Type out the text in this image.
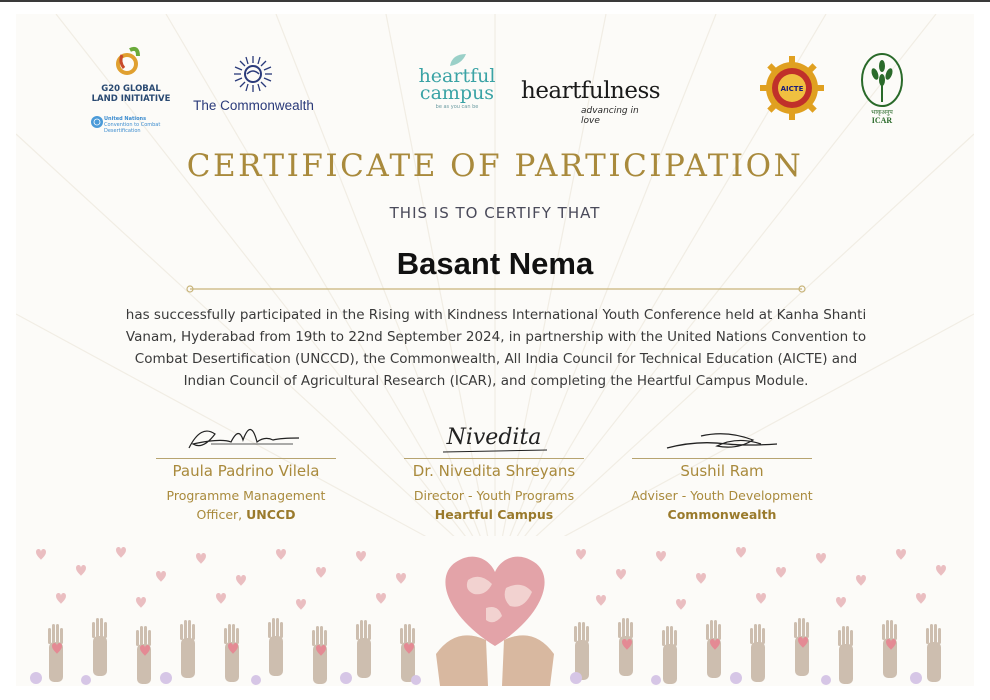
G20 GLOBAL
LAND INITIATIVE
United Nations
Convention to Combat
Desertification
The Commonwealth
heartful
campus
be as you can be
heartfulness
advancing in love
AICTE
भाकृअनुप
ICAR
CERTIFICATE OF PARTICIPATION
THIS IS TO CERTIFY THAT
Basant Nema
has successfully participated in the Rising with Kindness International Youth Conference held at Kanha Shanti
Vanam, Hyderabad from 19th to 22nd September 2024, in partnership with the United Nations Convention to
Combat Desertification (UNCCD), the Commonwealth, All India Council for Technical Education (AICTE) and
Indian Council of Agricultural Research (ICAR), and completing the Heartful Campus Module.
Paula Padrino Vilela
Programme Management
Officer, UNCCD
Nivedita
Dr. Nivedita Shreyans
Director - Youth Programs
Heartful Campus
Sushil Ram
Adviser - Youth Development
Commonwealth
